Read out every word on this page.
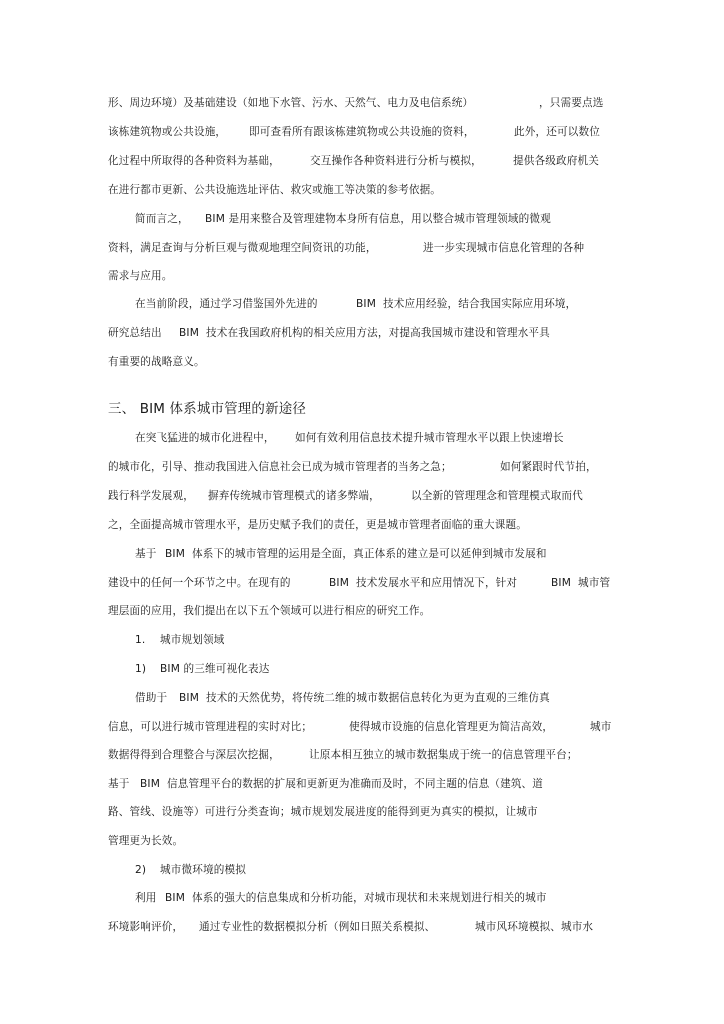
形、周边环境）及基础建设（如地下水管、污水、天然气、电力及电信系统）

	，只需要点选

该栋建筑物或公共设施，

即可查看所有跟该栋建筑物或公共设施的资料，

	此外，还可以数位

化过程中所取得的各种资料为基础，

	交互操作各种资料进行分析与模拟，

	提供各级政府机关

在进行都市更新、公共设施选址评估、救灾或施工等决策的参考依据。

简而言之，

BIM 是用来整合及管理建物本身所有信息，用以整合城市管理领域的微观

资料，满足查询与分析巨观与微观地理空间资讯的功能，

	进一步实现城市信息化管理的各种

需求与应用。

在当前阶段，通过学习借鉴国外先进的

	BIM  技术应用经验，结合我国实际应用环境，

研究总结出

BIM  技术在我国政府机构的相关应用方法，对提高我国城市建设和管理水平具

有重要的战略意义。

三、 BIM 体系城市管理的新途径

在突飞猛进的城市化进程中，

如何有效利用信息技术提升城市管理水平以跟上快速增长

的城市化，引导、推动我国进入信息社会已成为城市管理者的当务之急；

	如何紧跟时代节拍，

践行科学发展观，

摒弃传统城市管理模式的诸多弊端，

	以全新的管理理念和管理模式取而代

之，全面提高城市管理水平，是历史赋予我们的责任，更是城市管理者面临的重大课题。

基于

BIM  体系下的城市管理的运用是全面，真正体系的建立是可以延伸到城市发展和

建设中的任何一个环节之中。在现有的

	BIM  技术发展水平和应用情况下，针对

	BIM  城市管

理层面的应用，我们提出在以下五个领域可以进行相应的研究工作。

1.

城市规划领域

1)

BIM 的三维可视化表达

借助于

BIM  技术的天然优势，将传统二维的城市数据信息转化为更为直观的三维仿真

信息，可以进行城市管理进程的实时对比；

	使得城市设施的信息化管理更为简洁高效，

	城市

数据得得到合理整合与深层次挖掘，

	让原本相互独立的城市数据集成于统一的信息管理平台；

基于

BIM  信息管理平台的数据的扩展和更新更为准确而及时，不同主题的信息（建筑、道

路、管线、设施等）可进行分类查询；城市规划发展进度的能得到更为真实的模拟，让城市

管理更为长效。

2)

城市微环境的模拟

利用

BIM  体系的强大的信息集成和分析功能，对城市现状和未来规划进行相关的城市

环境影响评价，

通过专业性的数据模拟分析（例如日照关系模拟、

	城市风环境模拟、城市水
